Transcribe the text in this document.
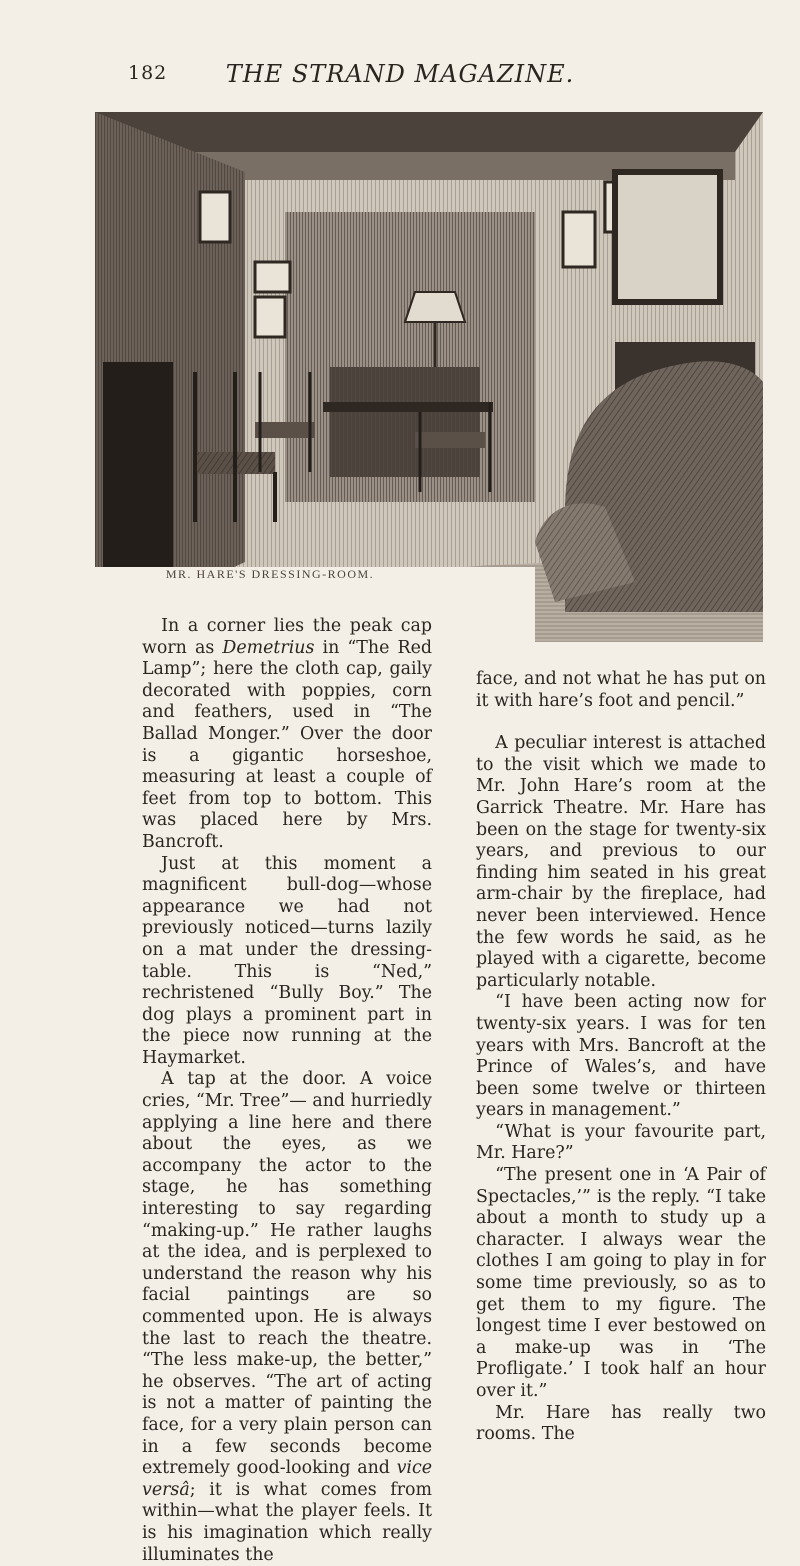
182	THE STRAND MAGAZINE.
MR. HARE'S DRESSING-ROOM.

In a corner lies the peak cap worn as Demetrius in “The Red Lamp”; here the cloth cap, gaily decorated with poppies, corn and feathers, used in “The Ballad Monger.” Over the door is a gigantic horseshoe, measuring at least a couple of feet from top to bottom. This was placed here by Mrs. Bancroft.

Just at this moment a magnificent bull-dog—whose appearance we had not previously noticed—turns lazily on a mat under the dressing-table. This is “Ned,” rechristened “Bully Boy.” The dog plays a prominent part in the piece now running at the Haymarket.

A tap at the door. A voice cries, “Mr. Tree”— and hurriedly applying a line here and there about the eyes, as we accompany the actor to the stage, he has something interesting to say regarding “making-up.” He rather laughs at the idea, and is perplexed to understand the reason why his facial paintings are so commented upon. He is always the last to reach the theatre. “The less make-up, the better,” he observes. “The art of acting is not a matter of painting the face, for a very plain person can in a few seconds become extremely good-looking and vice versâ; it is what comes from within—what the player feels. It is his imagination which really illuminates the

face, and not what he has put on it with hare’s foot and pencil.”

A peculiar interest is attached to the visit which we made to Mr. John Hare’s room at the Garrick Theatre. Mr. Hare has been on the stage for twenty-six years, and previous to our finding him seated in his great arm-chair by the fireplace, had never been interviewed. Hence the few words he said, as he played with a cigarette, become particularly notable.

“I have been acting now for twenty-six years. I was for ten years with Mrs. Bancroft at the Prince of Wales’s, and have been some twelve or thirteen years in management.”

“What is your favourite part, Mr. Hare?”

“The present one in ‘A Pair of Spectacles,’” is the reply. “I take about a month to study up a character. I always wear the clothes I am going to play in for some time previously, so as to get them to my figure. The longest time I ever bestowed on a make-up was in ‘The Profligate.’ I took half an hour over it.”

Mr. Hare has really two rooms. The
